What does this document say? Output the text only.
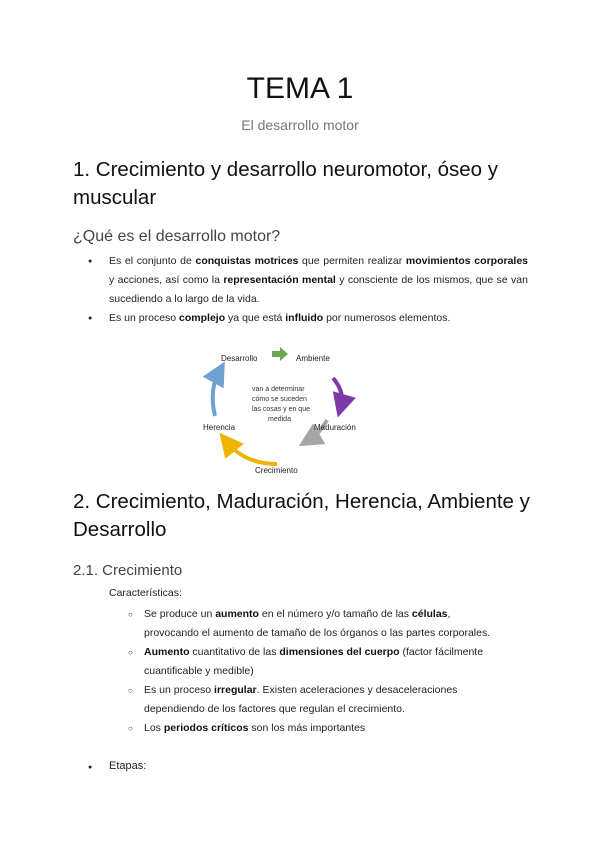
TEMA 1
El desarrollo motor
1. Crecimiento y desarrollo neuromotor, óseo y muscular
¿Qué es el desarrollo motor?
● Es el conjunto de conquistas motrices que permiten realizar movimientos corporales y acciones, así como la representación mental y consciente de los mismos, que se van sucediendo a lo largo de la vida.
● Es un proceso complejo ya que está influido por numerosos elementos.
Desarrollo	Ambiente
Maduración
Crecimiento
Herencia
van a determinar
cómo se suceden
las cosas y en que
medida
2. Crecimiento, Maduración, Herencia, Ambiente y Desarrollo
2.1. Crecimiento
Características:
○ Se produce un aumento en el número y/o tamaño de las células, provocando el aumento de tamaño de los órganos o las partes corporales.
○ Aumento cuantitativo de las dimensiones del cuerpo (factor fácilmente cuantificable y medible)
○ Es un proceso irregular. Existen aceleraciones y desaceleraciones dependiendo de los factores que regulan el crecimiento.
○ Los periodos críticos son los más importantes
● Etapas:
